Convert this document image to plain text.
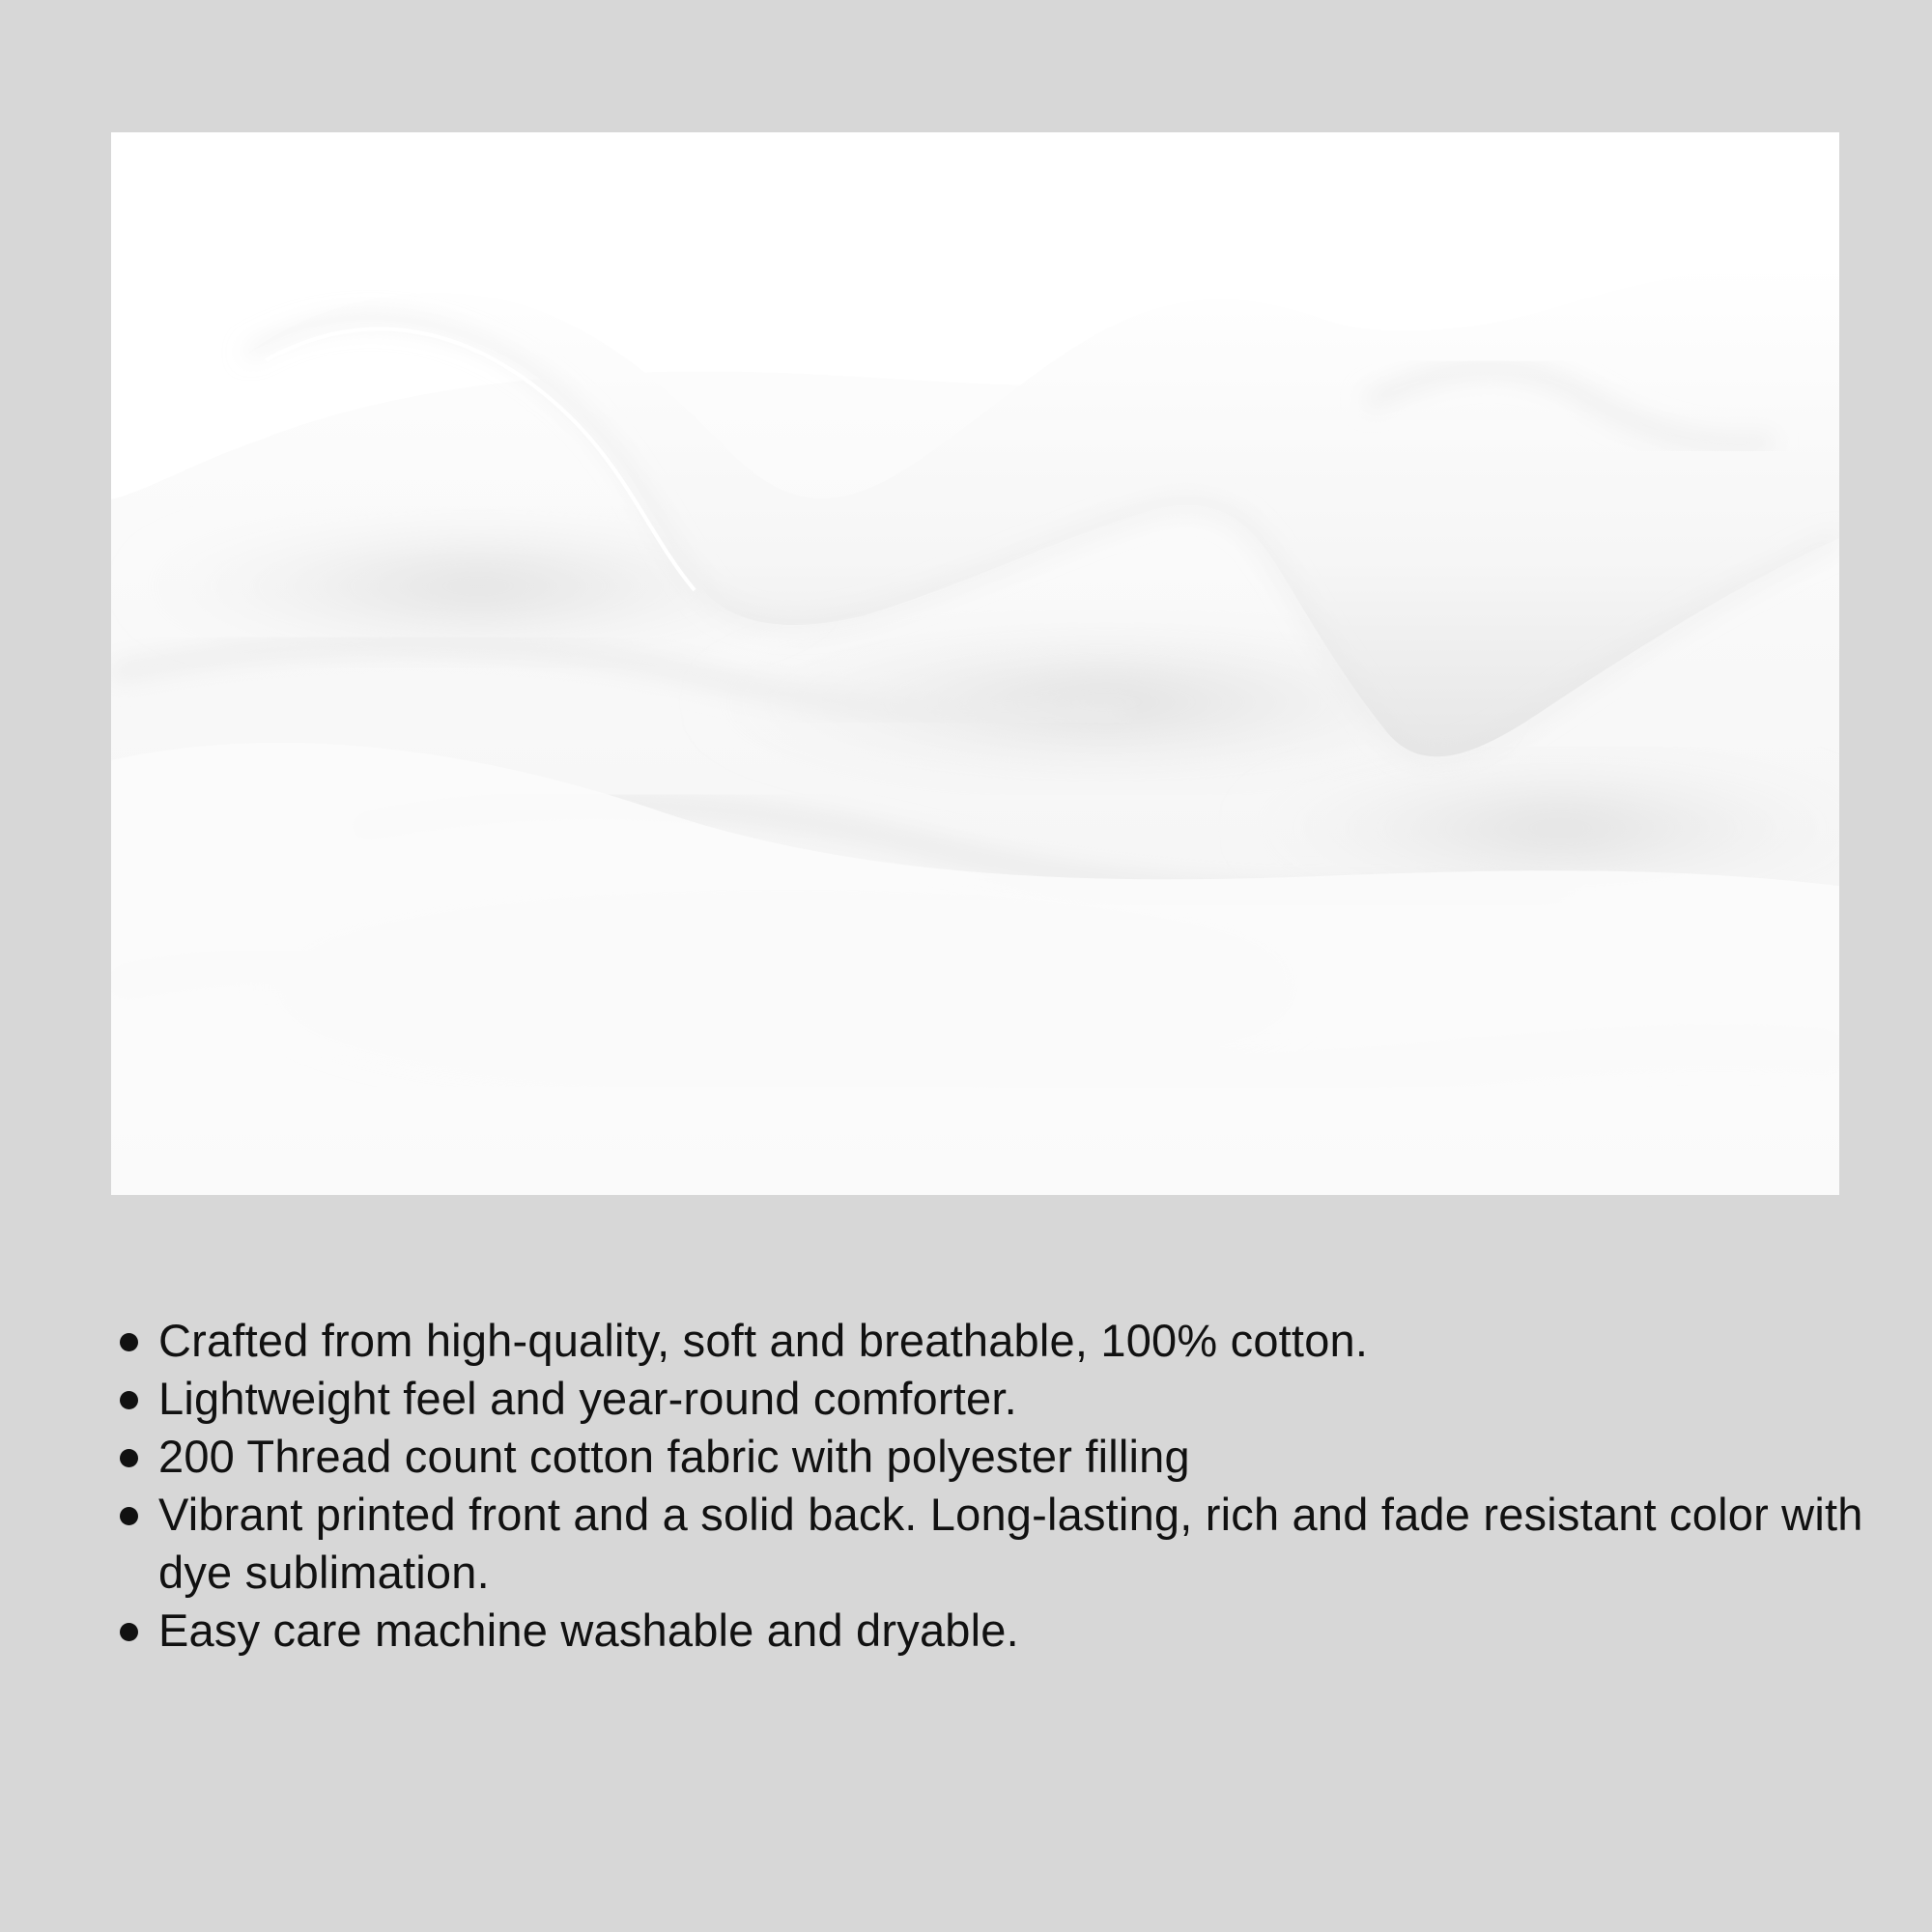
Crafted from high-quality, soft and breathable, 100% cotton.
Lightweight feel and year-round comforter.
200 Thread count cotton fabric with polyester filling
Vibrant printed front and a solid back. Long-lasting, rich and fade resistant color with dye sublimation.
Easy care machine washable and dryable.
